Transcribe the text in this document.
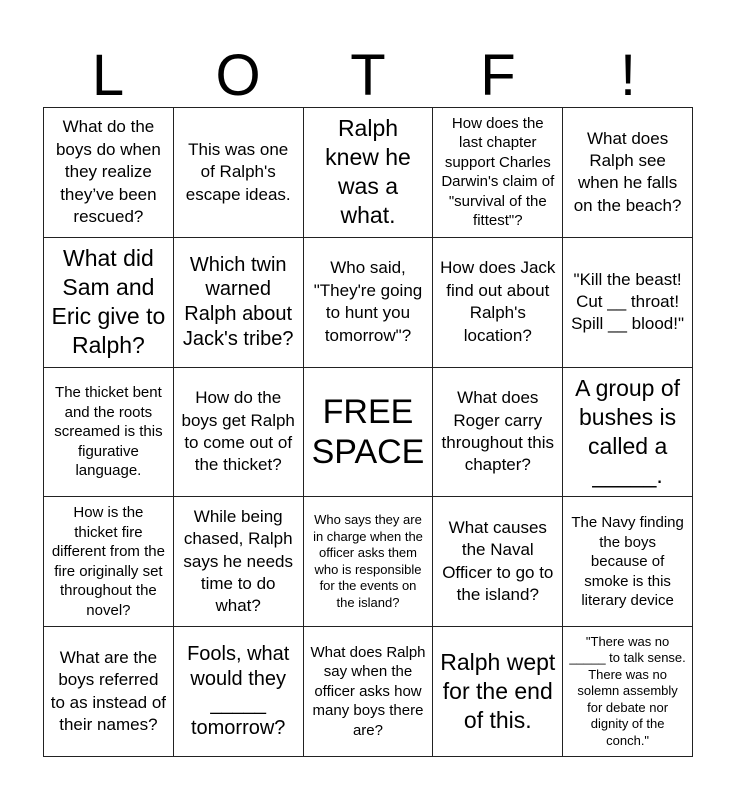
L	O	T	F	!
What do the boys do when they realize they’ve been rescued?
This was one of Ralph's escape ideas.
Ralph knew he was a what.
How does the last chapter support Charles Darwin's claim of "survival of the fittest"?
What does Ralph see when he falls on the beach?
What did Sam and Eric give to Ralph?
Which twin warned Ralph about Jack's tribe?
Who said, "They're going to hunt you tomorrow"?
How does Jack find out about Ralph's location?
"Kill the beast! Cut __ throat! Spill __ blood!"
The thicket bent and the roots screamed is this figurative language.
How do the boys get Ralph to come out of the thicket?
FREE SPACE
What does Roger carry throughout this chapter?
A group of bushes is called a _____.
How is the thicket fire different from the fire originally set throughout the novel?
While being chased, Ralph says he needs time to do what?
Who says they are in charge when the officer asks them who is responsible for the events on the island?
What causes the Naval Officer to go to the island?
The Navy finding the boys because of smoke is this literary device
What are the boys referred to as instead of their names?
Fools, what would they _____ tomorrow?
What does Ralph say when the officer asks how many boys there are?
Ralph wept for the end of this.
"There was no _____ to talk sense. There was no solemn assembly for debate nor dignity of the conch."
